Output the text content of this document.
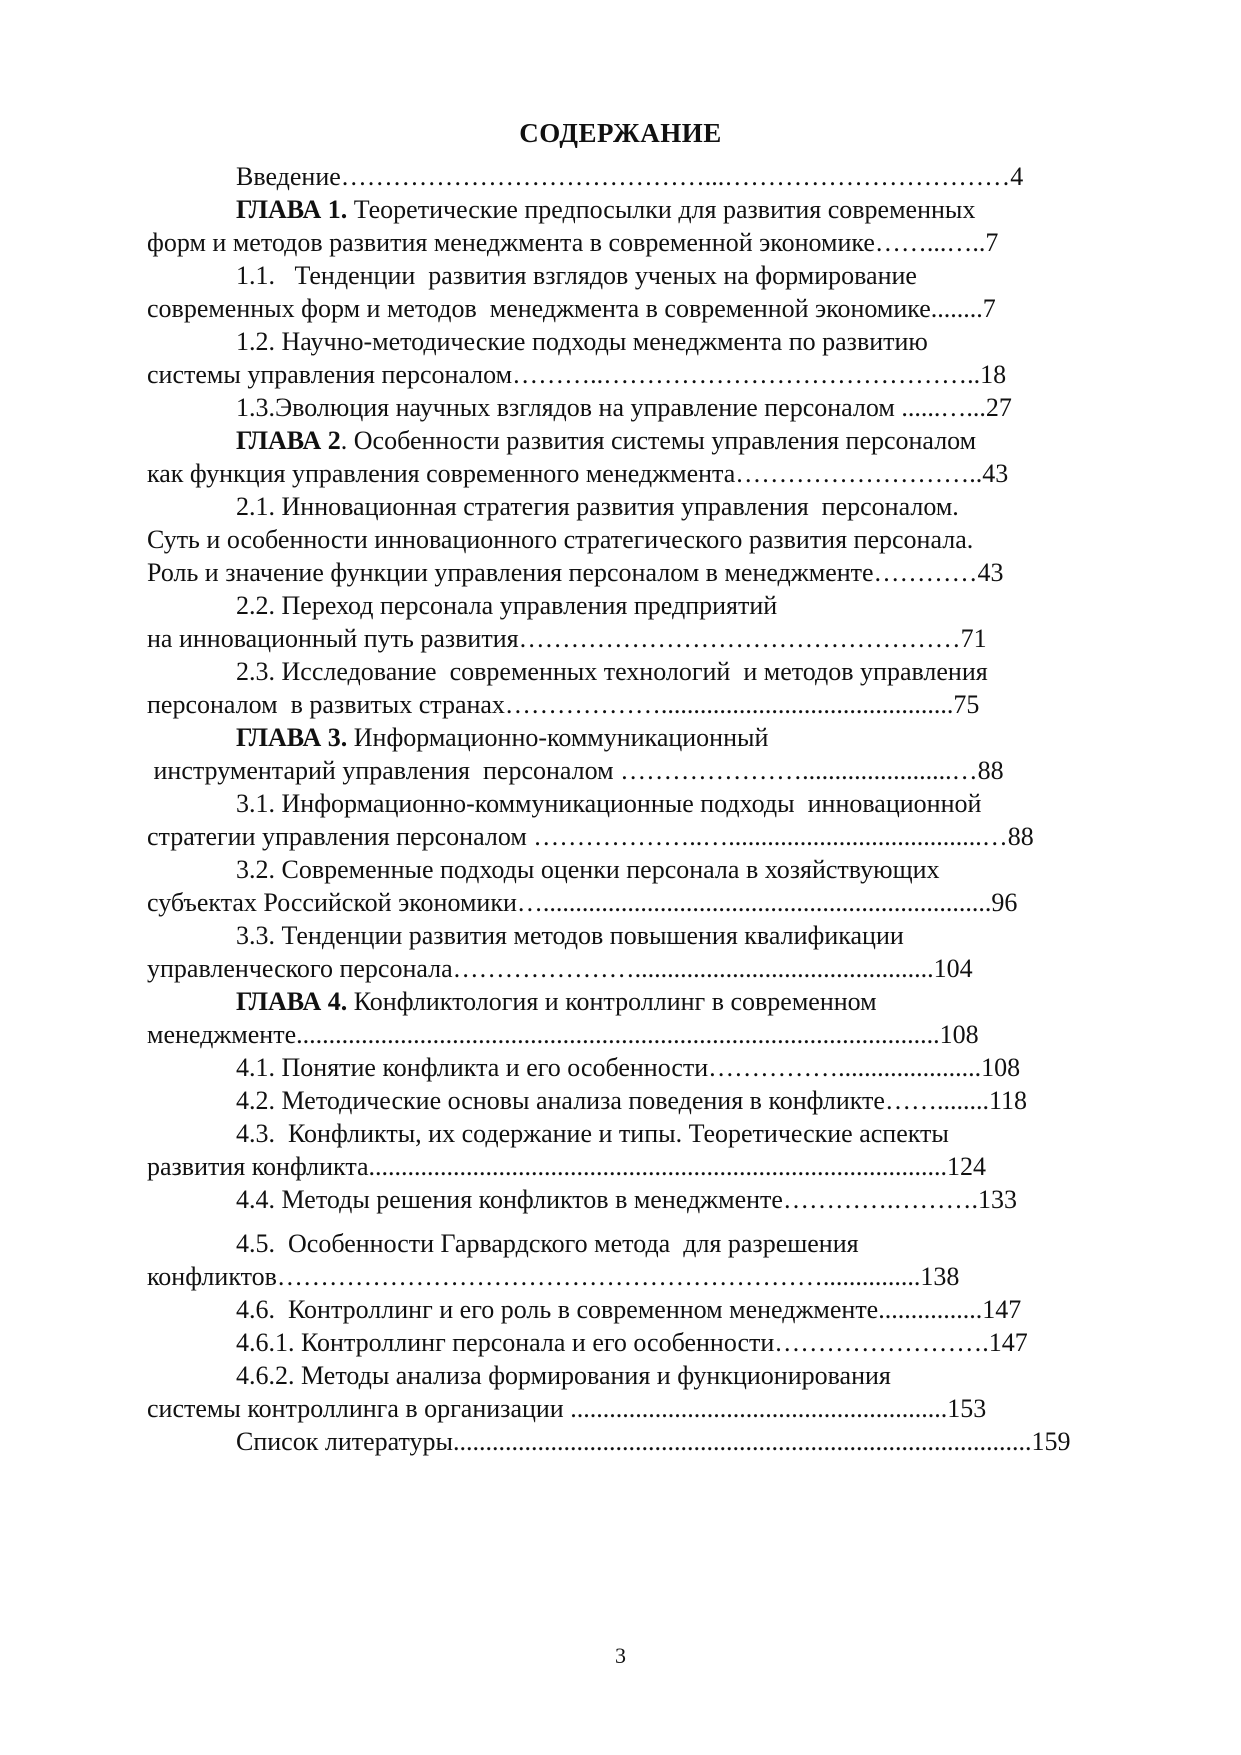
СОДЕРЖАНИЕ
Введение……………………………………...……………………………4
ГЛАВА 1. Теоретические предпосылки для развития современных
форм и методов развития менеджмента в современной экономике……...…..7
1.1.   Тенденции  развития взглядов ученых на формирование
современных форм и методов  менеджмента в современной экономике........7
1.2. Научно-методические подходы менеджмента по развитию
системы управления персоналом………..……………………………………..18
1.3.Эволюция научных взглядов на управление персоналом ......…...27
ГЛАВА 2. Особенности развития системы управления персоналом
как функция управления современного менеджмента………………………..43
2.1. Инновационная стратегия развития управления  персоналом.
Суть и особенности инновационного стратегического развития персонала.
Роль и значение функции управления персоналом в менеджменте…………43
2.2. Переход персонала управления предприятий
на инновационный путь развития……………………………………………71
2.3. Исследование  современных технологий  и методов управления
персоналом  в развитых странах……………….............................................75
ГЛАВА 3. Информационно-коммуникационный
инструментарий управления  персоналом ………………….......................…88
3.1. Информационно-коммуникационные подходы  инновационной
стратегии управления персоналом ………………..….......................................…88
3.2. Современные подходы оценки персонала в хозяйствующих
субъектах Российской экономики….....................................................................96
3.3. Тенденции развития методов повышения квалификации
управленческого персонала…………………..............................................104
ГЛАВА 4. Конфликтология и контроллинг в современном
менеджменте...................................................................................................108
4.1. Понятие конфликта и его особенности……………......................108
4.2. Методические основы анализа поведения в конфликте……........118
4.3.  Конфликты, их содержание и типы. Теоретические аспекты
развития конфликта.........................................................................................124
4.4. Методы решения конфликтов в менеджменте………….……….133
4.5.  Особенности Гарвардского метода  для разрешения
конфликтов………………………………………………………...............138
4.6.  Контроллинг и его роль в современном менеджменте................147
4.6.1. Контроллинг персонала и его особенности…………………….147
4.6.2. Методы анализа формирования и функционирования
системы контроллинга в организации ..........................................................153
Список литературы.........................................................................................159
3
